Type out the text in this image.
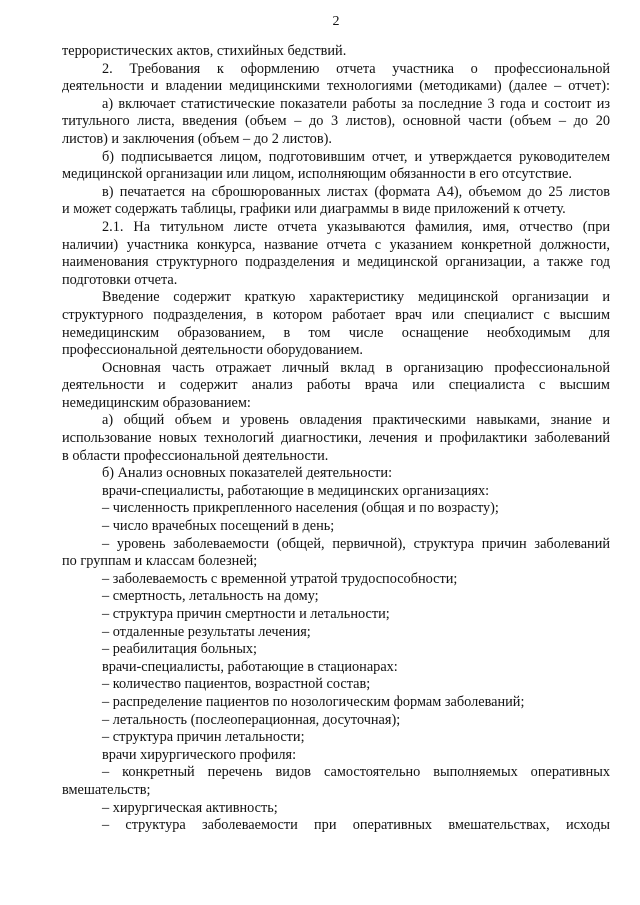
2
террористических актов, стихийных бедствий.
2. Требования к оформлению отчета участника о профессиональной
деятельности и владении медицинскими технологиями (методиками) (далее – отчет):
а) включает статистические показатели работы за последние 3 года и состоит из
титульного листа, введения (объем – до 3 листов), основной части (объем – до 20
листов) и заключения (объем – до 2 листов).
б) подписывается лицом, подготовившим отчет, и утверждается руководителем
медицинской организации или лицом, исполняющим обязанности в его отсутствие.
в) печатается на сброшюрованных листах (формата А4), объемом до 25 листов
и может содержать таблицы, графики или диаграммы в виде приложений к отчету.
2.1. На титульном листе отчета указываются фамилия, имя, отчество (при
наличии) участника конкурса, название отчета с указанием конкретной должности,
наименования структурного подразделения и медицинской организации, а также год
подготовки отчета.
Введение содержит краткую характеристику медицинской организации и
структурного подразделения, в котором работает врач или специалист с высшим
немедицинским образованием, в том числе оснащение необходимым для
профессиональной деятельности оборудованием.
Основная часть отражает личный вклад в организацию профессиональной
деятельности и содержит анализ работы врача или специалиста с высшим
немедицинским образованием:
а) общий объем и уровень овладения практическими навыками, знание и
использование новых технологий диагностики, лечения и профилактики заболеваний
в области профессиональной деятельности.
б) Анализ основных показателей деятельности:
врачи-специалисты, работающие в медицинских организациях:
– численность прикрепленного населения (общая и по возрасту);
– число врачебных посещений в день;
– уровень заболеваемости (общей, первичной), структура причин заболеваний
по группам и классам болезней;
– заболеваемость с временной утратой трудоспособности;
– смертность, летальность на дому;
– структура причин смертности и летальности;
– отдаленные результаты лечения;
– реабилитация больных;
врачи-специалисты, работающие в стационарах:
– количество пациентов, возрастной состав;
– распределение пациентов по нозологическим формам заболеваний;
– летальность (послеоперационная, досуточная);
– структура причин летальности;
врачи хирургического профиля:
– конкретный перечень видов самостоятельно выполняемых оперативных
вмешательств;
– хирургическая активность;
– структура заболеваемости при оперативных вмешательствах, исходы
